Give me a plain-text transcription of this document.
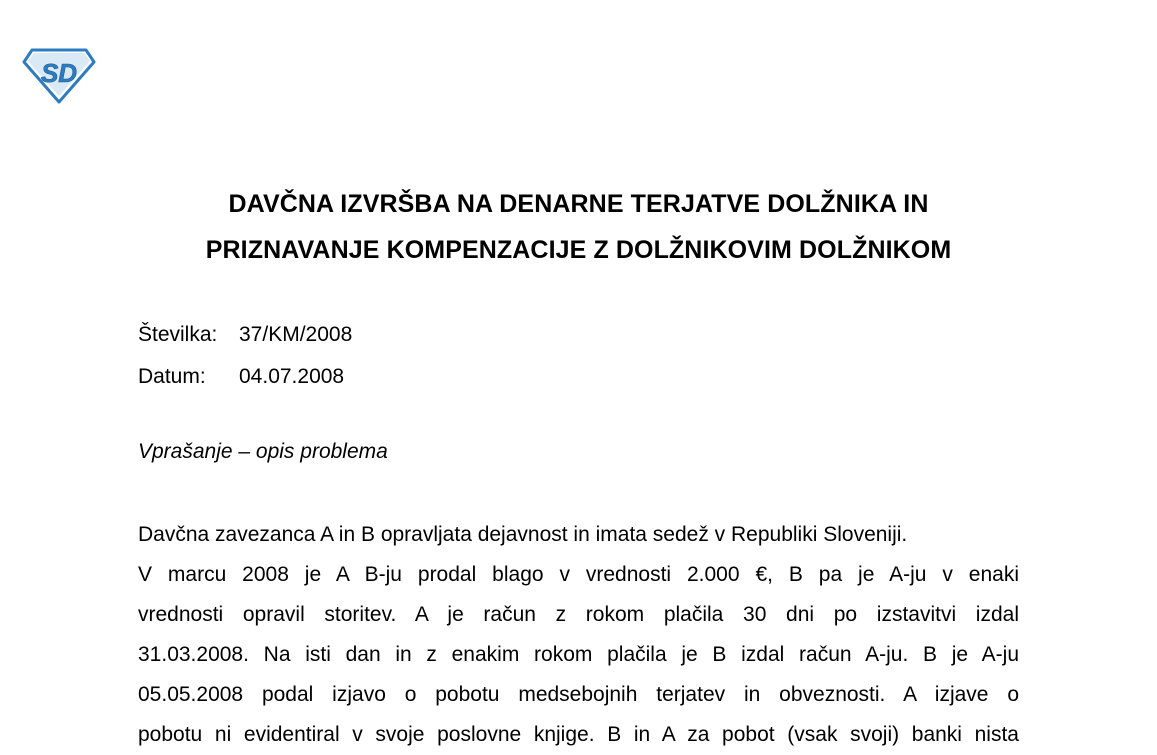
SD
DAVČNA IZVRŠBA NA DENARNE TERJATVE DOLŽNIKA IN
PRIZNAVANJE KOMPENZACIJE Z DOLŽNIKOVIM DOLŽNIKOM
Številka:	37/KM/2008
Datum:	04.07.2008
Vprašanje – opis problema

Davčna zavezanca A in B opravljata dejavnost in imata sedež v Republiki Sloveniji.

V marcu 2008 je A B-ju prodal blago v vrednosti 2.000 €, B pa je A-ju v enaki

vrednosti opravil storitev. A je račun z rokom plačila 30 dni po izstavitvi izdal

31.03.2008. Na isti dan in z enakim rokom plačila je B izdal račun A-ju. B je A-ju

05.05.2008 podal izjavo o pobotu medsebojnih terjatev in obveznosti. A izjave o

pobotu ni evidentiral v svoje poslovne knjige. B in A za pobot (vsak svoji) banki nista
